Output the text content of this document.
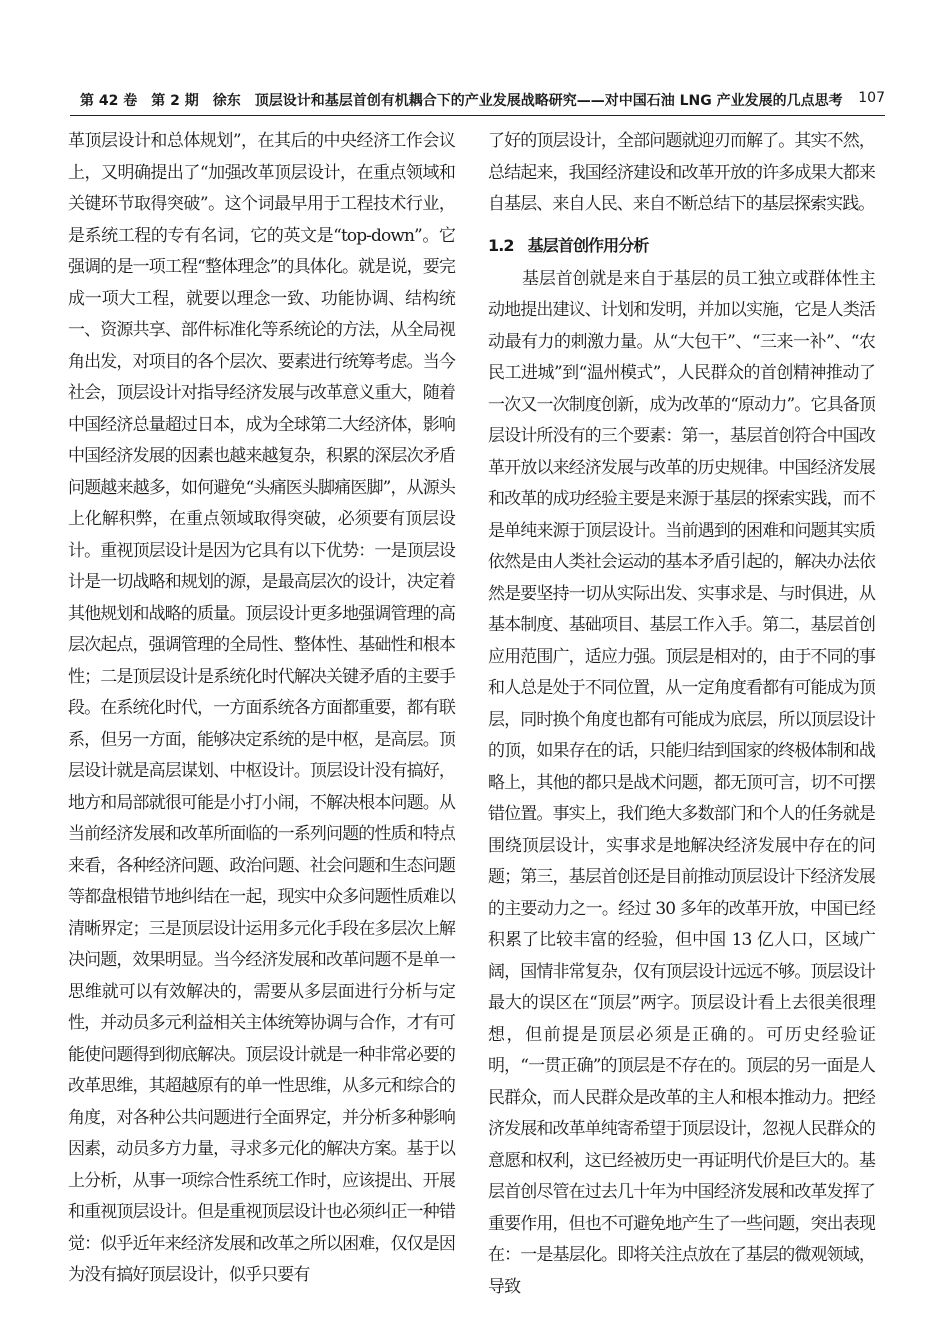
第 42 卷　第 2 期　徐东　顶层设计和基层首创有机耦合下的产业发展战略研究——对中国石油 LNG 产业发展的几点思考 107

革顶层设计和总体规划”，在其后的中央经济工作会议上，又明确提出了“加强改革顶层设计，在重点领域和关键环节取得突破”。这个词最早用于工程技术行业，是系统工程的专有名词，它的英文是“top-down”。它强调的是一项工程“整体理念”的具体化。就是说，要完成一项大工程，就要以理念一致、功能协调、结构统一、资源共享、部件标准化等系统论的方法，从全局视角出发，对项目的各个层次、要素进行统筹考虑。当今社会，顶层设计对指导经济发展与改革意义重大，随着中国经济总量超过日本，成为全球第二大经济体，影响中国经济发展的因素也越来越复杂，积累的深层次矛盾问题越来越多，如何避免“头痛医头脚痛医脚”，从源头上化解积弊，在重点领域取得突破，必须要有顶层设计。重视顶层设计是因为它具有以下优势：一是顶层设计是一切战略和规划的源，是最高层次的设计，决定着其他规划和战略的质量。顶层设计更多地强调管理的高层次起点，强调管理的全局性、整体性、基础性和根本性；二是顶层设计是系统化时代解决关键矛盾的主要手段。在系统化时代，一方面系统各方面都重要，都有联系，但另一方面，能够决定系统的是中枢，是高层。顶层设计就是高层谋划、中枢设计。顶层设计没有搞好，地方和局部就很可能是小打小闹，不解决根本问题。从当前经济发展和改革所面临的一系列问题的性质和特点来看，各种经济问题、政治问题、社会问题和生态问题等都盘根错节地纠结在一起，现实中众多问题性质难以清晰界定；三是顶层设计运用多元化手段在多层次上解决问题，效果明显。当今经济发展和改革问题不是单一思维就可以有效解决的，需要从多层面进行分析与定性，并动员多元利益相关主体统筹协调与合作，才有可能使问题得到彻底解决。顶层设计就是一种非常必要的改革思维，其超越原有的单一性思维，从多元和综合的角度，对各种公共问题进行全面界定，并分析多种影响因素，动员多方力量，寻求多元化的解决方案。基于以上分析，从事一项综合性系统工作时，应该提出、开展和重视顶层设计。但是重视顶层设计也必须纠正一种错觉：似乎近年来经济发展和改革之所以困难，仅仅是因为没有搞好顶层设计，似乎只要有

了好的顶层设计，全部问题就迎刃而解了。其实不然，总结起来，我国经济建设和改革开放的许多成果大都来自基层、来自人民、来自不断总结下的基层探索实践。

1.2 基层首创作用分析

基层首创就是来自于基层的员工独立或群体性主动地提出建议、计划和发明，并加以实施，它是人类活动最有力的刺激力量。从“大包干”、“三来一补”、“农民工进城”到“温州模式”，人民群众的首创精神推动了一次又一次制度创新，成为改革的“原动力”。它具备顶层设计所没有的三个要素：第一，基层首创符合中国改革开放以来经济发展与改革的历史规律。中国经济发展和改革的成功经验主要是来源于基层的探索实践，而不是单纯来源于顶层设计。当前遇到的困难和问题其实质依然是由人类社会运动的基本矛盾引起的，解决办法依然是要坚持一切从实际出发、实事求是、与时俱进，从基本制度、基础项目、基层工作入手。第二，基层首创应用范围广，适应力强。顶层是相对的，由于不同的事和人总是处于不同位置，从一定角度看都有可能成为顶层，同时换个角度也都有可能成为底层，所以顶层设计的顶，如果存在的话，只能归结到国家的终极体制和战略上，其他的都只是战术问题，都无顶可言，切不可摆错位置。事实上，我们绝大多数部门和个人的任务就是围绕顶层设计，实事求是地解决经济发展中存在的问题；第三，基层首创还是目前推动顶层设计下经济发展的主要动力之一。经过 30 多年的改革开放，中国已经积累了比较丰富的经验，但中国 13 亿人口，区域广阔，国情非常复杂，仅有顶层设计远远不够。顶层设计最大的误区在“顶层”两字。顶层设计看上去很美很理想，但前提是顶层必须是正确的。可历史经验证明，“一贯正确”的顶层是不存在的。顶层的另一面是人民群众，而人民群众是改革的主人和根本推动力。把经济发展和改革单纯寄希望于顶层设计，忽视人民群众的意愿和权利，这已经被历史一再证明代价是巨大的。基层首创尽管在过去几十年为中国经济发展和改革发挥了重要作用，但也不可避免地产生了一些问题，突出表现在：一是基层化。即将关注点放在了基层的微观领域，导致
